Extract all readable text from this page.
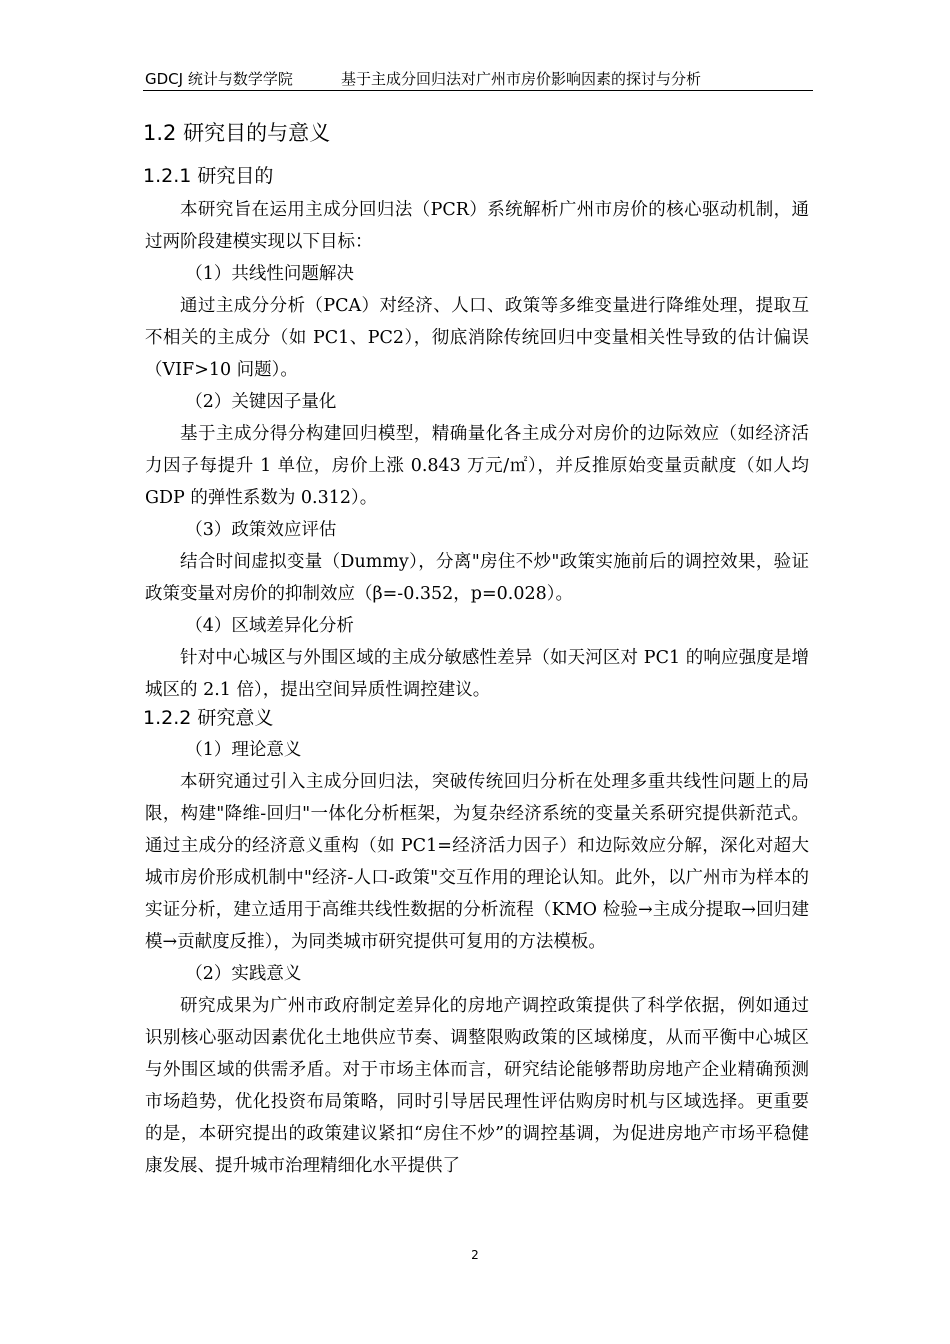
GDCJ 统计与数学学院	基于主成分回归法对广州市房价影响因素的探讨与分析
1.2 研究目的与意义
1.2.1 研究目的

本研究旨在运用主成分回归法（PCR）系统解析广州市房价的核心驱动机制，通过两阶段建模实现以下目标：

（1）共线性问题解决

通过主成分分析（PCA）对经济、人口、政策等多维变量进行降维处理，提取互不相关的主成分（如 PC1、PC2），彻底消除传统回归中变量相关性导致的估计偏误（VIF>10 问题）。

（2）关键因子量化

基于主成分得分构建回归模型，精确量化各主成分对房价的边际效应（如经济活力因子每提升 1 单位，房价上涨 0.843 万元/㎡），并反推原始变量贡献度（如人均 GDP 的弹性系数为 0.312）。

（3）政策效应评估

结合时间虚拟变量（Dummy），分离"房住不炒"政策实施前后的调控效果，验证政策变量对房价的抑制效应（β=-0.352，p=0.028）。

（4）区域差异化分析

针对中心城区与外围区域的主成分敏感性差异（如天河区对 PC1 的响应强度是增城区的 2.1 倍），提出空间异质性调控建议。

1.2.2 研究意义

（1）理论意义

本研究通过引入主成分回归法，突破传统回归分析在处理多重共线性问题上的局限，构建"降维-回归"一体化分析框架，为复杂经济系统的变量关系研究提供新范式。通过主成分的经济意义重构（如 PC1=经济活力因子）和边际效应分解，深化对超大城市房价形成机制中"经济-人口-政策"交互作用的理论认知。此外，以广州市为样本的实证分析，建立适用于高维共线性数据的分析流程（KMO 检验→主成分提取→回归建模→贡献度反推），为同类城市研究提供可复用的方法模板。

（2）实践意义

研究成果为广州市政府制定差异化的房地产调控政策提供了科学依据，例如通过识别核心驱动因素优化土地供应节奏、调整限购政策的区域梯度，从而平衡中心城区与外围区域的供需矛盾。对于市场主体而言，研究结论能够帮助房地产企业精确预测市场趋势，优化投资布局策略，同时引导居民理性评估购房时机与区域选择。更重要的是，本研究提出的政策建议紧扣“房住不炒”的调控基调，为促进房地产市场平稳健康发展、提升城市治理精细化水平提供了

2
